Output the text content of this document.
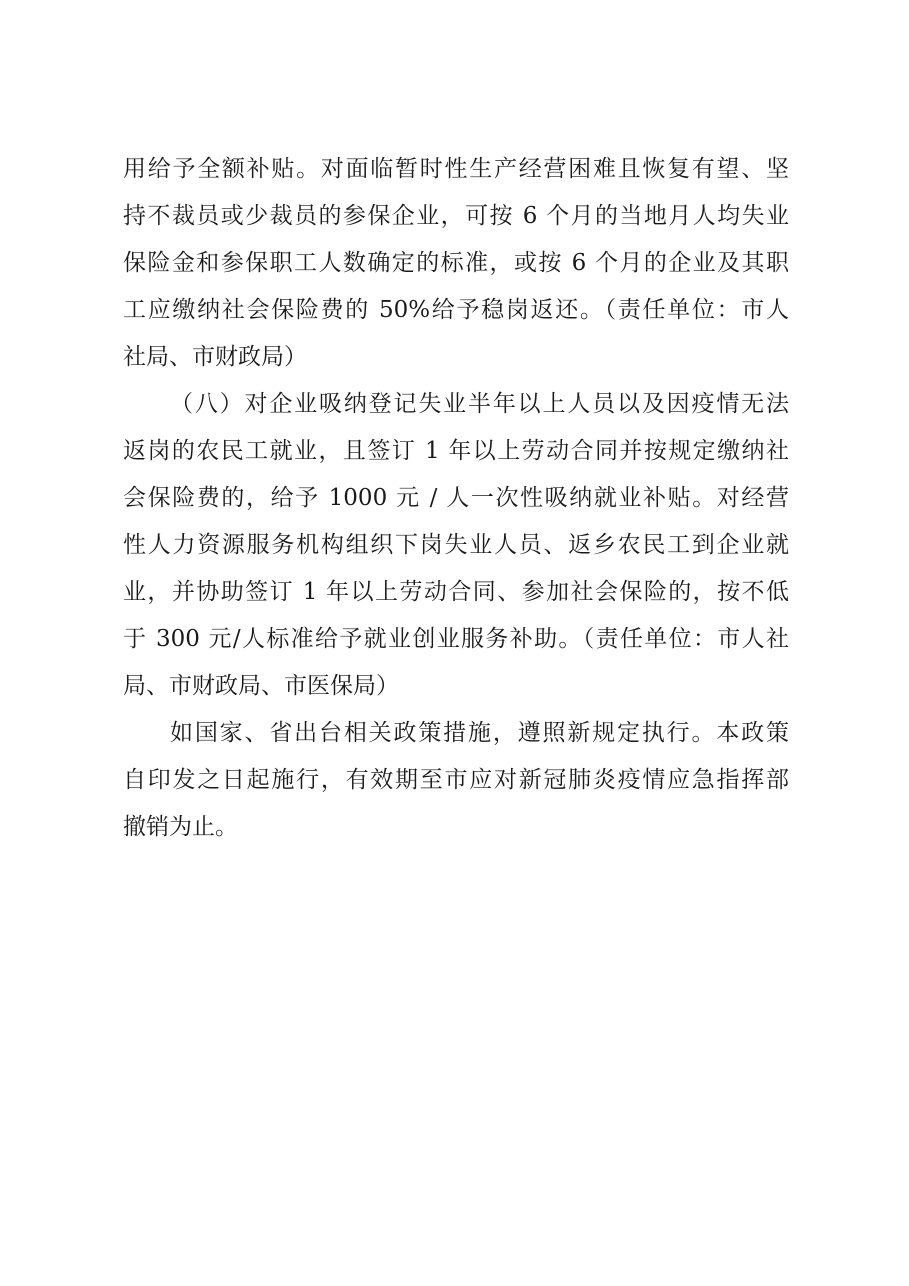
用给予全额补贴。对面临暂时性生产经营困难且恢复有望、坚
持不裁员或少裁员的参保企业，可按 6 个月的当地月人均失业
保险金和参保职工人数确定的标准，或按 6 个月的企业及其职
工应缴纳社会保险费的 50%给予稳岗返还。（责任单位：市人
社局、市财政局）
（八）对企业吸纳登记失业半年以上人员以及因疫情无法
返岗的农民工就业，且签订 1 年以上劳动合同并按规定缴纳社
会保险费的，给予 1000 元 / 人一次性吸纳就业补贴。对经营
性人力资源服务机构组织下岗失业人员、返乡农民工到企业就
业，并协助签订 1 年以上劳动合同、参加社会保险的，按不低
于 300 元/人标准给予就业创业服务补助。（责任单位：市人社
局、市财政局、市医保局）
如国家、省出台相关政策措施，遵照新规定执行。本政策
自印发之日起施行，有效期至市应对新冠肺炎疫情应急指挥部
撤销为止。
